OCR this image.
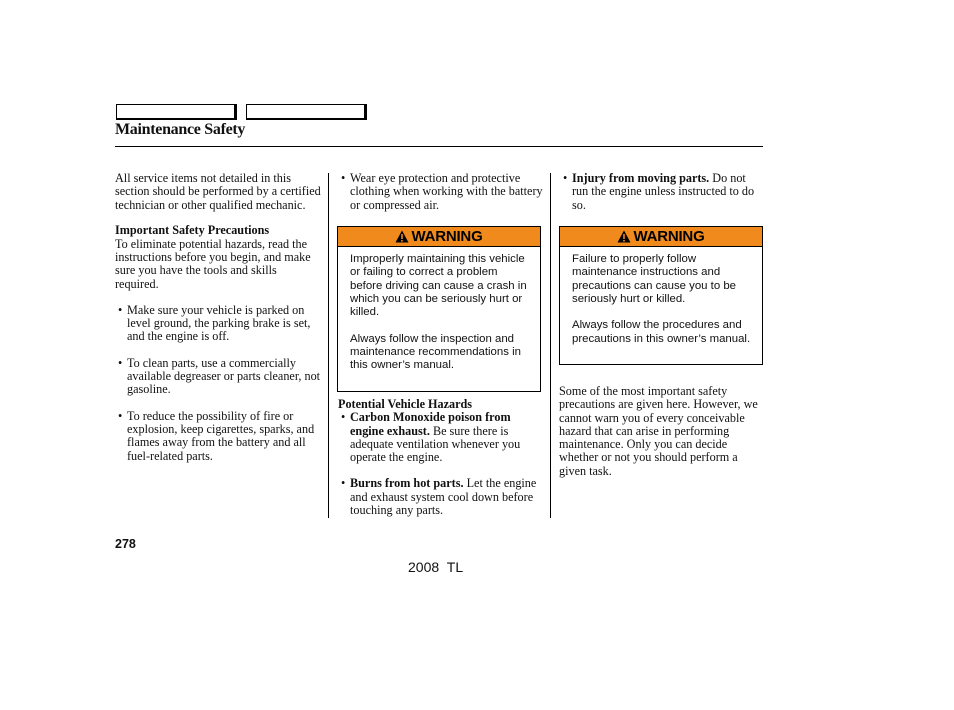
Maintenance Safety

All service items not detailed in this section should be performed by a certified technician or other qualified mechanic.

Important Safety Precautions

To eliminate potential hazards, read the instructions before you begin, and make sure you have the tools and skills required.

• Make sure your vehicle is parked on level ground, the parking brake is set, and the engine is off.

• To clean parts, use a commercially available degreaser or parts cleaner, not gasoline.

• To reduce the possibility of fire or explosion, keep cigarettes, sparks, and flames away from the battery and all fuel-related parts.

• Wear eye protection and protective clothing when working with the battery or compressed air.

WARNING

Improperly maintaining this vehicle or failing to correct a problem before driving can cause a crash in which you can be seriously hurt or killed.

Always follow the inspection and maintenance recommendations in this owner’s manual.

Potential Vehicle Hazards

• Carbon Monoxide poison from engine exhaust. Be sure there is adequate ventilation whenever you operate the engine.

• Burns from hot parts. Let the engine and exhaust system cool down before touching any parts.

• Injury from moving parts. Do not run the engine unless instructed to do so.

WARNING

Failure to properly follow maintenance instructions and precautions can cause you to be seriously hurt or killed.

Always follow the procedures and precautions in this owner’s manual.

Some of the most important safety precautions are given here. However, we cannot warn you of every conceivable hazard that can arise in performing maintenance. Only you can decide whether or not you should perform a given task.

278
2008 TL
